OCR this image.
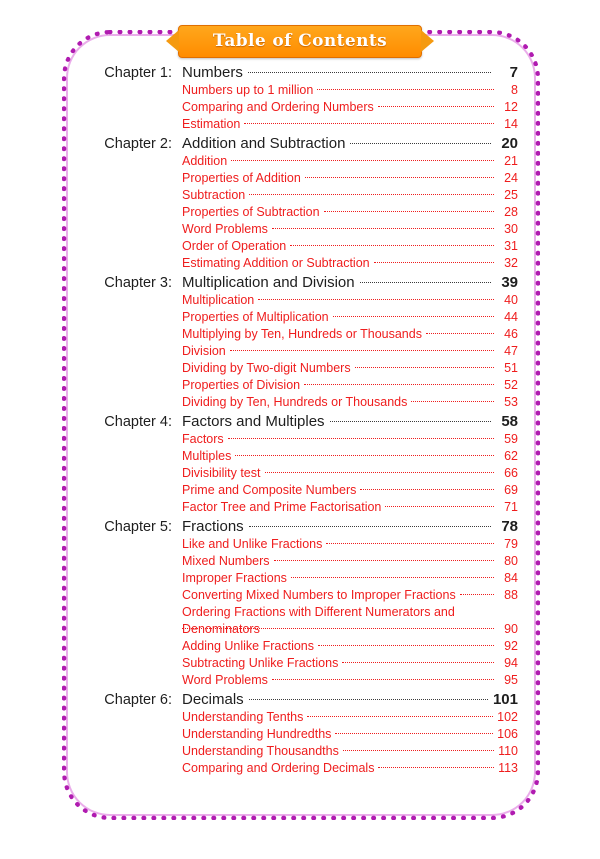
Table of Contents
Chapter 1: Numbers	7
Numbers up to 1 million	8
Comparing and Ordering Numbers	12
Estimation	14
Chapter 2: Addition and Subtraction	20
Addition	21
Properties of Addition	24
Subtraction	25
Properties of Subtraction	28
Word Problems	30
Order of Operation	31
Estimating Addition or Subtraction	32
Chapter 3: Multiplication and Division	39
Multiplication	40
Properties of Multiplication	44
Multiplying by Ten, Hundreds or Thousands	46
Division	47
Dividing by Two-digit Numbers	51
Properties of Division	52
Dividing by Ten, Hundreds or Thousands	53
Chapter 4: Factors and Multiples	58
Factors	59
Multiples	62
Divisibility test	66
Prime and Composite Numbers	69
Factor Tree and Prime Factorisation	71
Chapter 5: Fractions	78
Like and Unlike Fractions	79
Mixed Numbers	80
Improper Fractions	84
Converting Mixed Numbers to Improper Fractions	88
Ordering Fractions with Different Numerators and Denominators	90
Adding Unlike Fractions	92
Subtracting Unlike Fractions	94
Word Problems	95
Chapter 6: Decimals	101
Understanding Tenths	102
Understanding Hundredths	106
Understanding Thousandths	110
Comparing and Ordering Decimals	113
